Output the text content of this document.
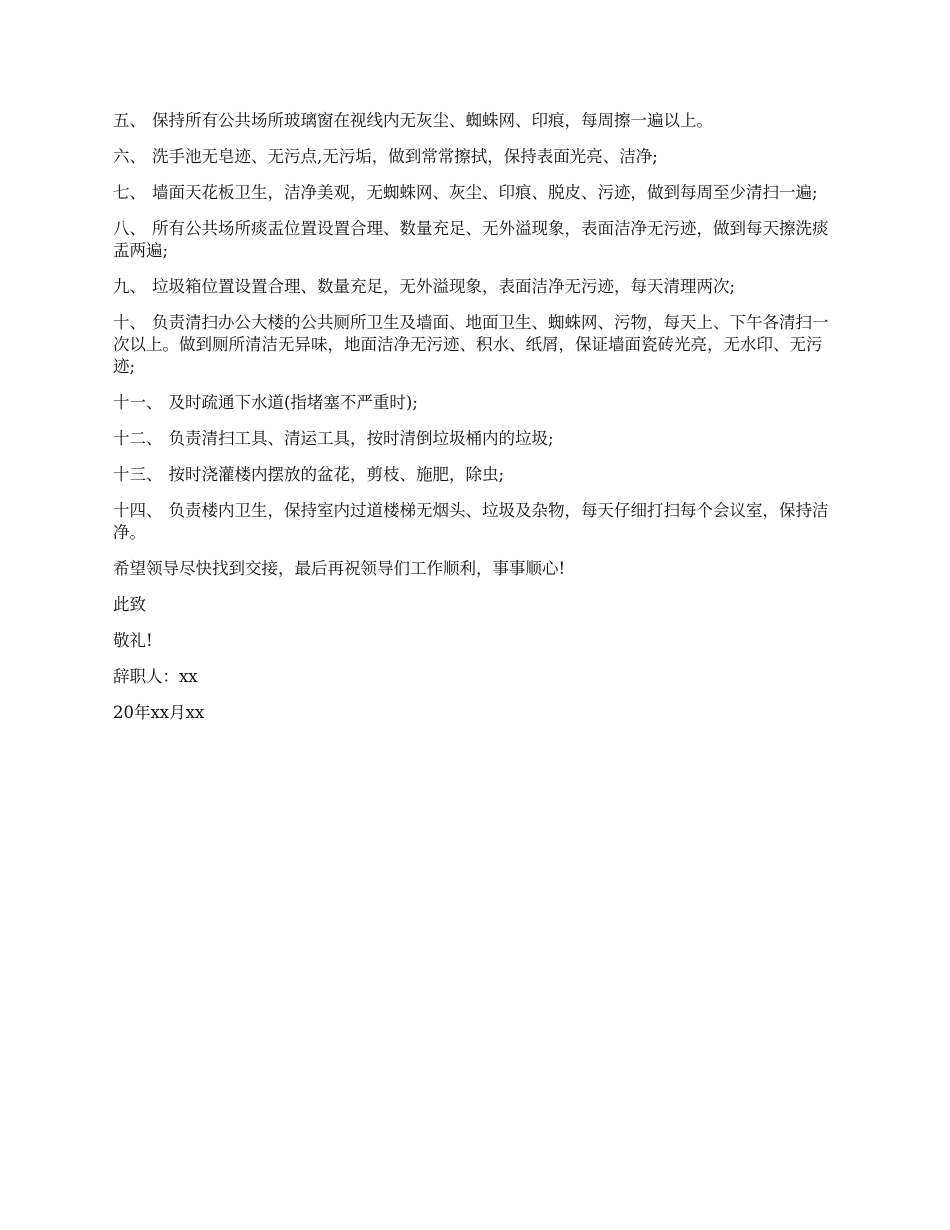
五、 保持所有公共场所玻璃窗在视线内无灰尘、蜘蛛网、印痕，每周擦一遍以上。

六、 洗手池无皂迹、无污点,无污垢，做到常常擦拭，保持表面光亮、洁净;

七、 墙面天花板卫生，洁净美观，无蜘蛛网、灰尘、印痕、脱皮、污迹，做到每周至少清扫一遍;

八、 所有公共场所痰盂位置设置合理、数量充足、无外溢现象，表面洁净无污迹，做到每天擦洗痰盂两遍;

九、 垃圾箱位置设置合理、数量充足，无外溢现象，表面洁净无污迹，每天清理两次;

十、 负责清扫办公大楼的公共厕所卫生及墙面、地面卫生、蜘蛛网、污物，每天上、下午各清扫一次以上。做到厕所清洁无异味，地面洁净无污迹、积水、纸屑，保证墙面瓷砖光亮，无水印、无污迹;

十一、 及时疏通下水道(指堵塞不严重时);

十二、 负责清扫工具、清运工具，按时清倒垃圾桶内的垃圾;

十三、 按时浇灌楼内摆放的盆花，剪枝、施肥，除虫;

十四、 负责楼内卫生，保持室内过道楼梯无烟头、垃圾及杂物，每天仔细打扫每个会议室，保持洁净。

希望领导尽快找到交接，最后再祝领导们工作顺利，事事顺心!

此致

敬礼!

辞职人：xx

20年xx月xx
